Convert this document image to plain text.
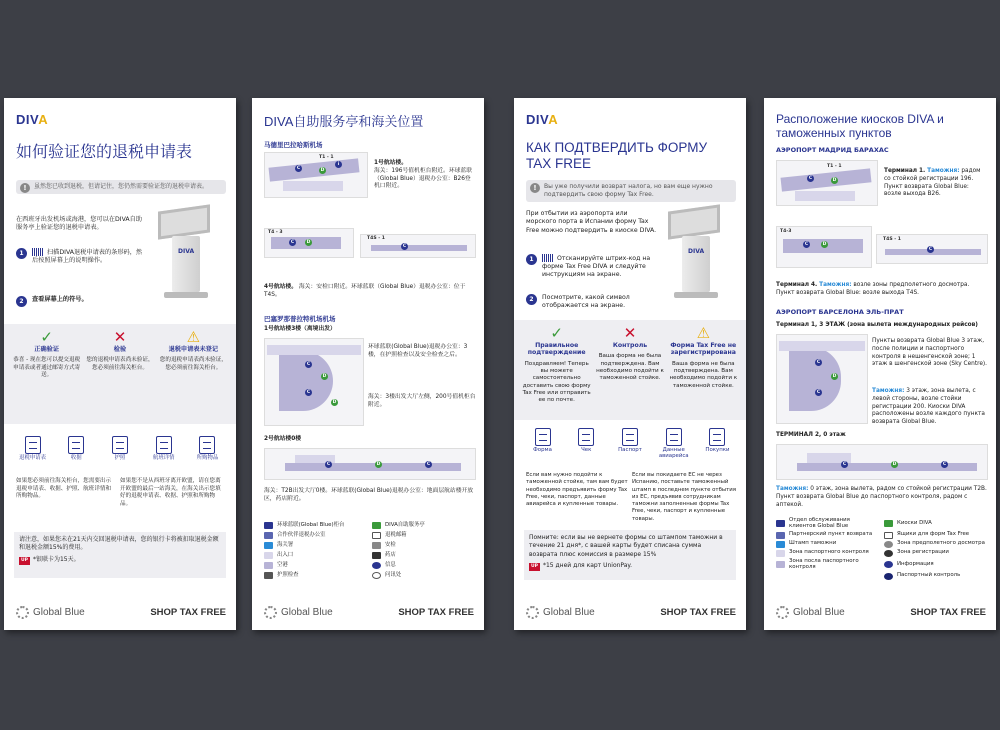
DIVA
如何验证您的退税申请表
! 虽然您已收到退税，但请记住，您仍然需要验证您的退税申请表。
在西班牙出发机场或海港，您可以在DIVA自助服务亭上验证您的退税申请表。
1	扫描DIVA退税申请表的条形码，然后按照屏幕上的说明操作。
2	查看屏幕上的符号。
DIVA
✓
正确验证
恭喜 - 现在您可以提交退税申请表或者通过邮寄方式寄送。
✕
检验
您的退税申请表尚未验证，您必须前往海关柜台。
⚠
退税申请表未登记
您的退税申请表尚未验证，您必须前往海关柜台。
退税申请表	收据	护照	航班详情	所购物品
如果您必须前往海关柜台，您需要出示退税申请表、收据、护照、航班详情和所购物品。
如果您不是从西班牙离开欧盟，请在您离开欧盟的最后一站海关，在海关出示您填好的退税申请表、收据、护照和所购物品。
请注意，如果您未在21天内交回退税申请表，您的银行卡将被扣取退税金额和退税金额15%的费用。
UP *银联卡为15天。
Global Blue	SHOP TAX FREE
DIVA自助服务亭和海关位置
马德里巴拉哈斯机场
C	D
i
T1 - 1
1号航站楼。
海关：196号值机柜台附近。环球蓝联（Global Blue）退税办公室：B26登机口附近。
C	D
T4 - 3
C
T4S - 1
4号航站楼。 海关：安检口附近。环球蓝联（Global Blue）退税办公室：位于T4S。
巴塞罗那普拉特机场机场
1号航站楼3楼（离境出发）
C
D
C
D
环球蓝联(Global Blue)退税办公室：3楼，在护照检查以及安全检查之后。
海关：3楼出发大厅左侧，200号值机柜台附近。
2号航站楼0楼
C	D	C
海关：T2B出发大厅0楼。环球蓝联(Global Blue)退税办公室：地面层航站楼开放区，药店附近。
环球蓝联(Global Blue)柜台	DIVA自助服务亭
合作伙伴退税办公室	退税邮箱
海关署	安检
出入口	药店
空港	信息
护照检查	问讯处
Global Blue	SHOP TAX FREE
DIVA
КАК ПОДТВЕРДИТЬ ФОРМУ TAX FREE
! Вы уже получили возврат налога, но вам еще нужно подтвердить свою форму Tax Free.
При отбытии из аэропорта или морского порта в Испании форму Tax Free можно подтвердить в киоске DIVA.
1	Отсканируйте штрих-код на форме Tax Free DIVA и следуйте инструкциям на экране.
2	Посмотрите, какой символ отображается на экране.
DIVA
✓
Правильное подтверждение
Поздравляем! Теперь вы можете самостоятельно доставить свою форму Tax Free или отправить ее по почте.
✕
Контроль
Ваша форма не была подтверждена. Вам необходимо подойти к таможенной стойке.
⚠
Форма Tax Free не зарегистрирована
Ваша форма не была подтверждена. Вам необходимо подойти к таможенной стойке.
Форма	Чек	Паспорт	Данные авиарейса
Покупки
Если вам нужно подойти к таможенной стойке, там вам будет необходимо предъявить форму Tax Free, чеки, паспорт, данные авиарейса и купленные товары.
Если вы покидаете ЕС не через Испанию, поставьте таможенный штамп в последнем пункте отбытия из ЕС, предъявив сотрудникам таможни заполненные формы Tax Free, чеки, паспорт и купленные товары.
Помните: если вы не вернете формы со штампом таможни в течение 21 дня*, с вашей карты будет списана сумма возврата плюс комиссия в размере 15%
UP *15 дней для карт UnionPay.
Global Blue	SHOP TAX FREE
Расположение киосков DIVA и таможенных пунктов
АЭРОПОРТ МАДРИД БАРАХАС
C	D
T1 - 1
Терминал 1. Таможня: радом со стойкой регистрации 196. Пункт возврата Global Blue: возле выхода B26.
C	D
T4-3
C
T4S - 1
Терминал 4. Таможня: возле зоны предполетного досмотра. Пункт возврата Global Blue: возле выхода T4S.
АЭРОПОРТ БАРСЕЛОНА ЭЛЬ-ПРАТ
Терминал 1, 3 ЭТАЖ (зона вылета международных рейсов)
C
D
C
Пункты возврата Global Blue 3 этаж, после полиции и паспортного контроля в нешенгенской зоне; 1 этаж в шенгенской зоне (Sky Centre).
Таможня: 3 этаж, зона вылета, с левой стороны, возле стойки регистрации 200. Киоски DIVA расположены возле каждого пункта возврата Global Blue.
ТЕРМИНАЛ 2, 0 этаж
C	D	C
Таможня: 0 этаж, зона вылета, радом со стойкой регистрации T2B. Пункт возврата Global Blue до паспортного контроля, радом с аптекой.
Отдел обслуживания клиентов Global Blue	Киоски DIVA
Партнерский пункт возврата	Ящики для форм Tax Free
Штамп таможни	Зона предполетного досмотра
Зона паспортного контроля	Зона регистрации
Зона посла паспортного контроля	Информация
Паспортный контроль
Global Blue	SHOP TAX FREE
